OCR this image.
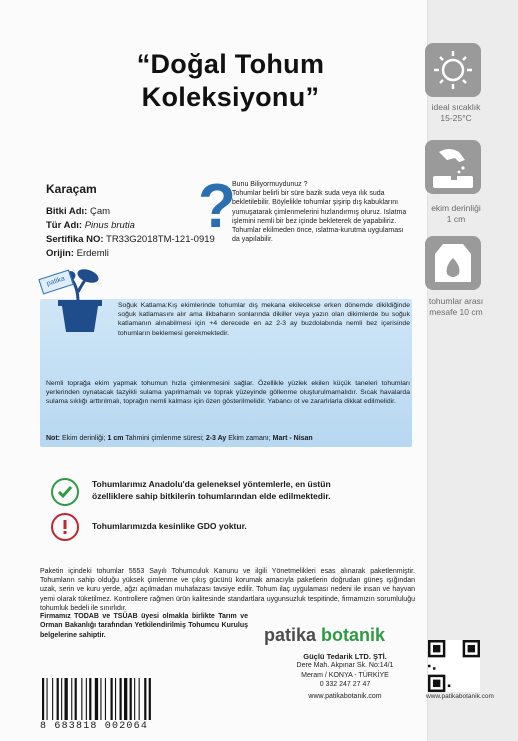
ideal sıcaklık
15-25°C
ekim derinliği
1 cm
tohumlar arası
mesafe 10 cm
“Doğal Tohum
Koleksiyonu”
Karaçam
Bitki Adı: Çam
Tür Adı: Pinus brutia
Sertifika NO: TR33G2018TM-121-0919
Orijin: Erdemli
?
Bunu Biliyormuydunuz ?
Tohumlar belirli bir süre bazik suda veya ılık suda bekletilebilir. Böylelikle tohumlar şişirip dış kabuklarını yumuşatarak çimlenmelerini hızlandırmış oluruz. Islatma işlemini nemli bir bez içinde bekleterek de yapabiliriz. Tohumlar ekilmeden önce, ıslatma-kurutma uygulaması da yapılabilir.
patika
Soğuk Katlama:Kış ekimlerinde tohumlar dış mekana ekilecekse erken dönemde dikildiğinde soğuk katlamasını alır ama ilkbaharın sonlarında dikiller veya yazın olan dikimlerde bu soğuk katlamanın alınabilmesi için +4 derecede en az 2-3 ay buzdolabında nemli bez içerisinde tohumların beklemesi gerekmektedir.
Nemli toprağa ekim yapmak tohumun hızla çimlenmesini sağlar. Özellikle yüzlek ekilen küçük taneleri tohumları yerlerinden oynatacak tazyikli sulama yapılmamalı ve toprak yüzeyinde göllenme oluşturulmamalıdır. Sıcak havalarda sulama sıklığı arttırılmalı, toprağın nemli kalması için özen gösterilmelidir. Yabancı ot ve zararlılarla dikkat edilmelidir.
Not: Ekim derinliği; 1 cm Tahmini çimlenme süresi; 2-3 Ay Ekim zamanı; Mart - Nisan
Tohumlarımız Anadolu'da geleneksel yöntemlerle, en üstün
özelliklere sahip bitkilerin tohumlarından elde edilmektedir.
Tohumlarımızda kesinlike GDO yoktur.
Paketin içindeki tohumlar 5553 Sayılı Tohumculuk Kanunu ve ilgili Yönetmelikleri esas alınarak paketlenmiştir. Tohumların sahip olduğu yüksek çimlenme ve çıkış gücünü korumak amacıyla paketlerin doğrudan güneş ışığından uzak, serin ve kuru yerde, ağzı açılmadan muhafazası tavsiye edilir. Tohum ilaç uygulaması nedeni ile insan ve hayvan yemi olarak tüketilmez. Kontrollere rağmen ürün kalitesinde standartlara uygunsuzluk tespitinde, firmamızın sorumluluğu tohumluk bedeli ile sınırlıdır.
Firmamız TODAB ve TSÜAB üyesi olmakla birlikte Tarım ve Orman Bakanlığı tarafından Yetkilendirilmiş Tohumcu Kuruluş belgelerine sahiptir.	patika botanik
Güçlü Tedarik LTD. ŞTİ.
Dere Mah. Akpınar Sk. No:14/1
Meram / KONYA - TÜRKİYE
0 332 247 27 47
www.patikabotanik.com
8 683818 002064
www.patikabotanik.com
